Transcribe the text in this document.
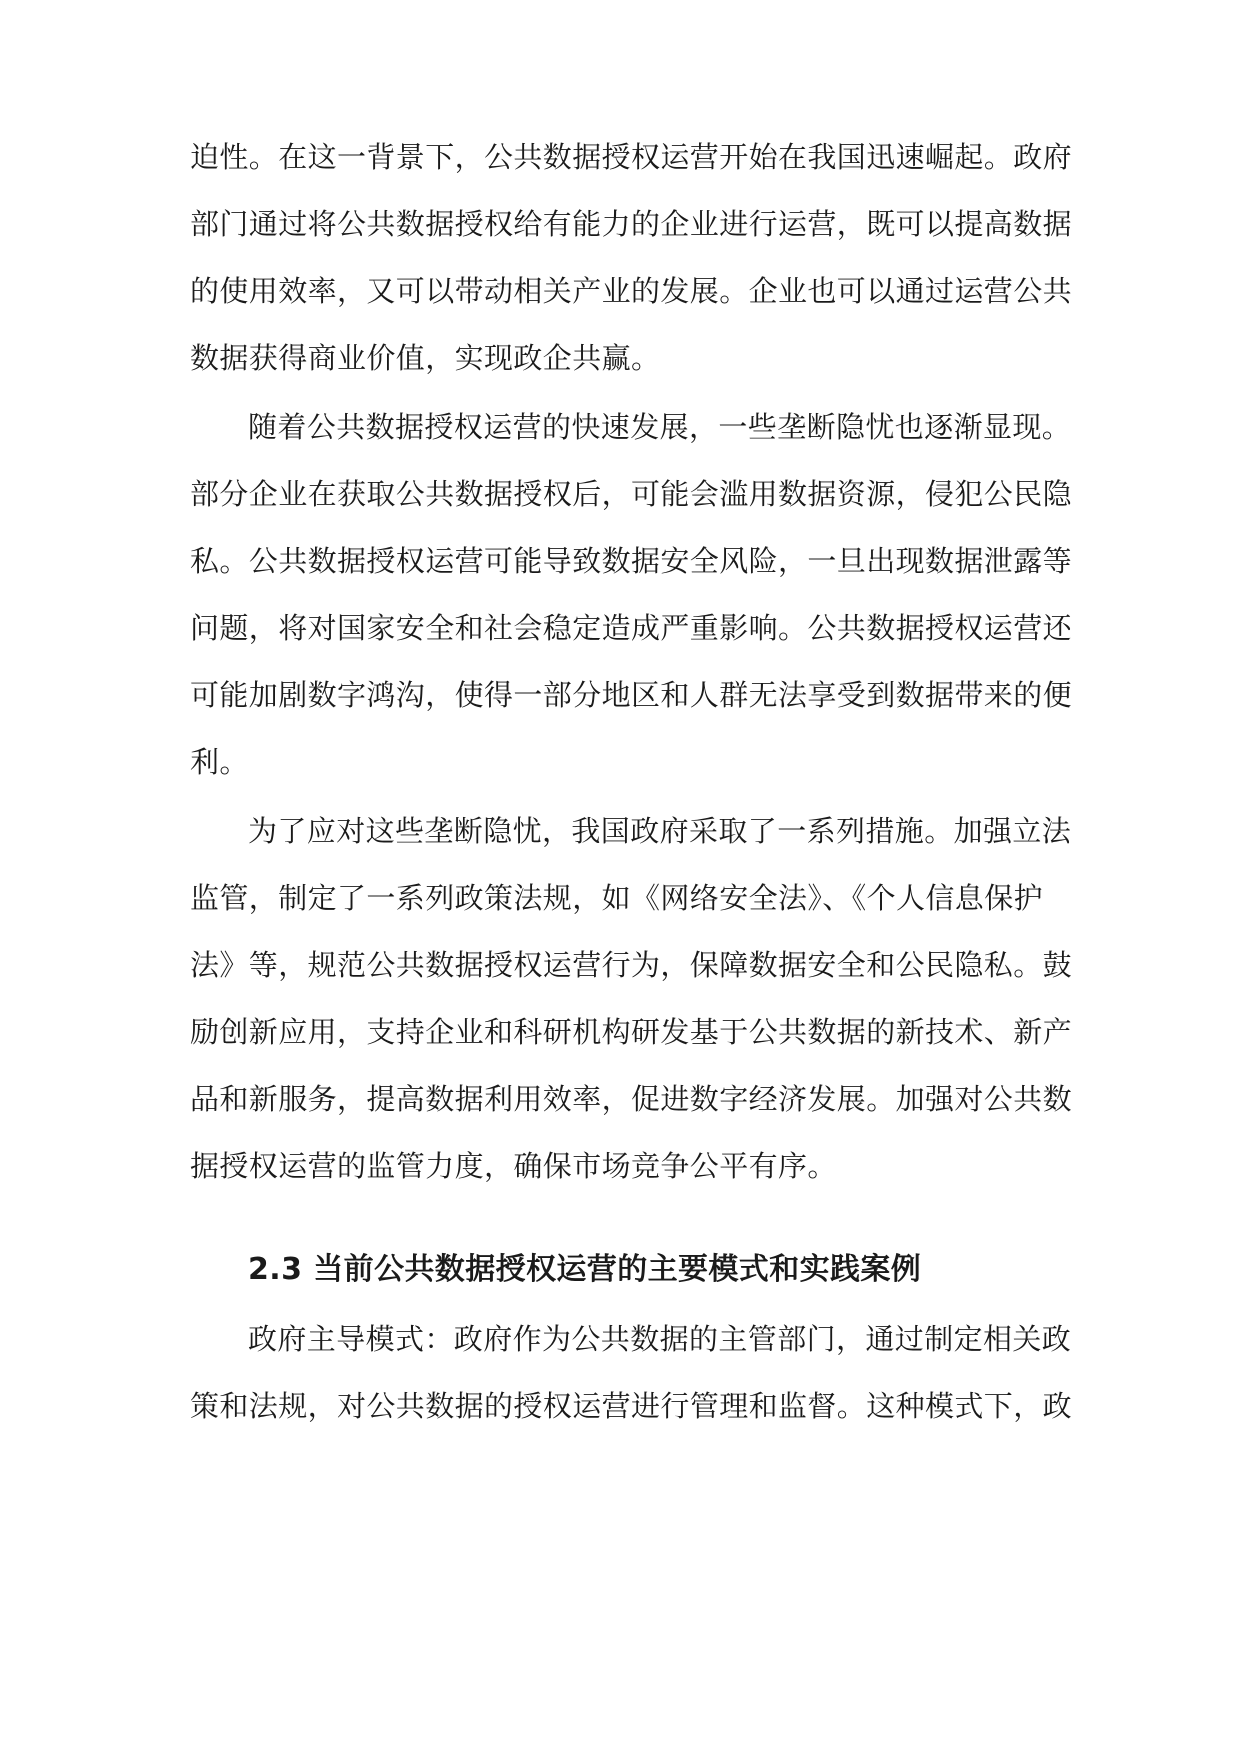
迫性。在这一背景下，公共数据授权运营开始在我国迅速崛起。政府
部门通过将公共数据授权给有能力的企业进行运营，既可以提高数据
的使用效率，又可以带动相关产业的发展。企业也可以通过运营公共
数据获得商业价值，实现政企共赢。
随着公共数据授权运营的快速发展，一些垄断隐忧也逐渐显现。
部分企业在获取公共数据授权后，可能会滥用数据资源，侵犯公民隐
私。公共数据授权运营可能导致数据安全风险，一旦出现数据泄露等
问题，将对国家安全和社会稳定造成严重影响。公共数据授权运营还
可能加剧数字鸿沟，使得一部分地区和人群无法享受到数据带来的便
利。
为了应对这些垄断隐忧，我国政府采取了一系列措施。加强立法
监管，制定了一系列政策法规，如《网络安全法》、《个人信息保护
法》等，规范公共数据授权运营行为，保障数据安全和公民隐私。鼓
励创新应用，支持企业和科研机构研发基于公共数据的新技术、新产
品和新服务，提高数据利用效率，促进数字经济发展。加强对公共数
据授权运营的监管力度，确保市场竞争公平有序。
2.3 当前公共数据授权运营的主要模式和实践案例
政府主导模式：政府作为公共数据的主管部门，通过制定相关政
策和法规，对公共数据的授权运营进行管理和监督。这种模式下，政
